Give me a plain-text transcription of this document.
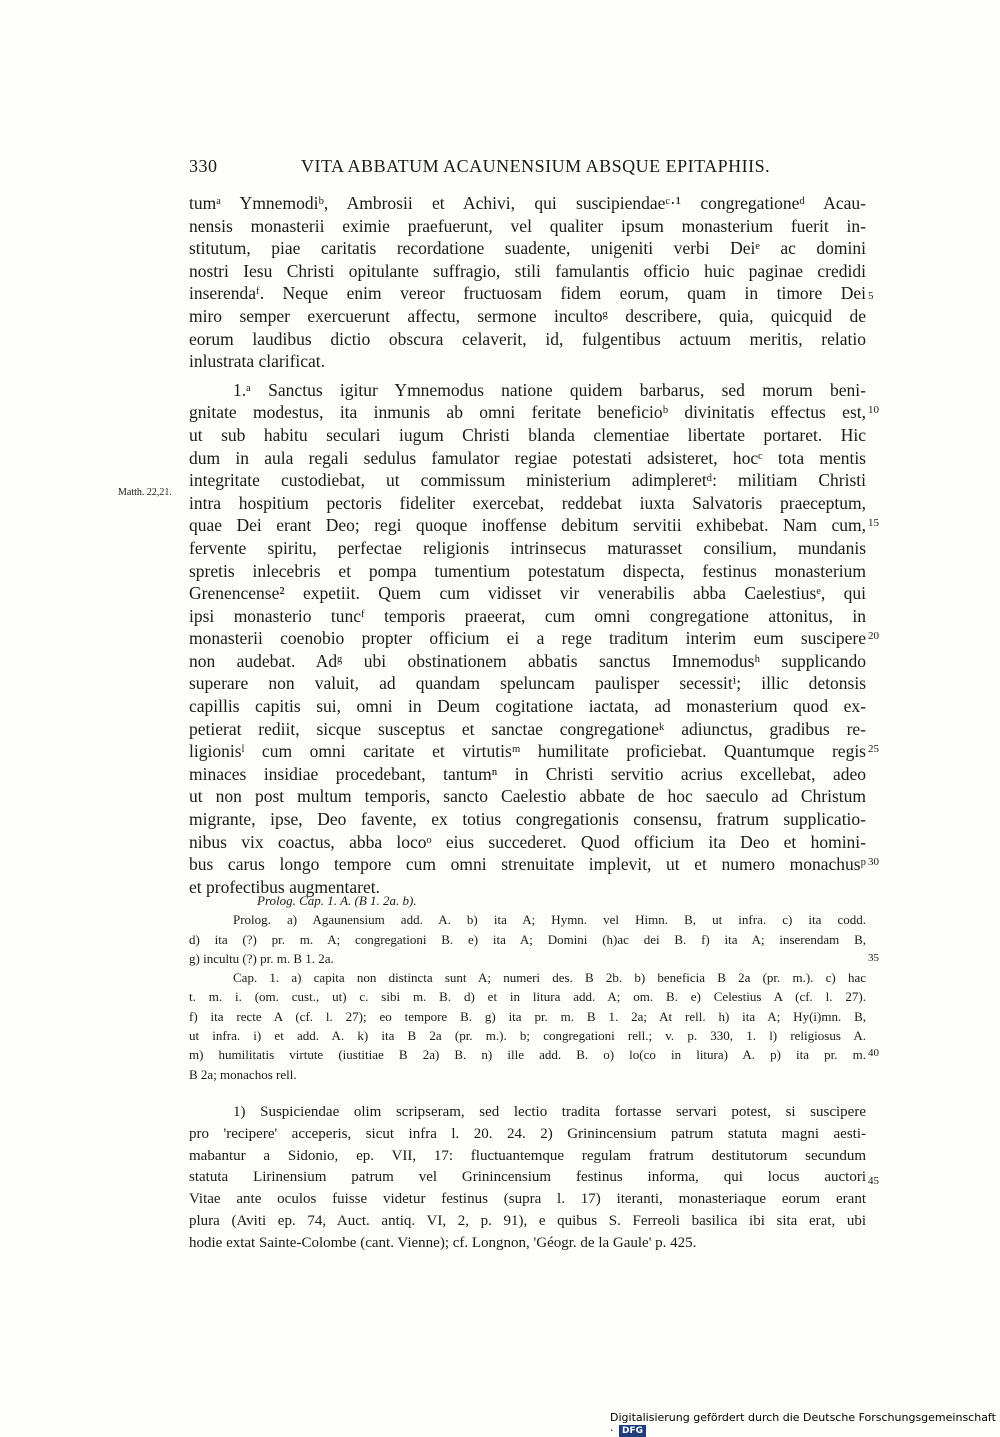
330	VITA ABBATUM ACAUNENSIUM ABSQUE EPITAPHIIS.
tumᵃ Ymnemodiᵇ, Ambrosii et Achivi, qui suscipiendaeᶜ·¹ congregationeᵈ Acau-
nensis monasterii eximie praefuerunt, vel qualiter ipsum monasterium fuerit in-
stitutum, piae caritatis recordatione suadente, unigeniti verbi Deiᵉ ac domini
nostri Iesu Christi opitulante suffragio, stili famulantis officio huic paginae credidi
inserendaᶠ. Neque enim vereor fructuosam fidem eorum, quam in timore Dei
miro semper exercuerunt affectu, sermone incultoᵍ describere, quia, quicquid de
eorum laudibus dictio obscura celaverit, id, fulgentibus actuum meritis, relatio
inlustrata clarificat.
1.ᵃ Sanctus igitur Ymnemodus natione quidem barbarus, sed morum beni-
gnitate modestus, ita inmunis ab omni feritate beneficioᵇ divinitatis effectus est,
ut sub habitu seculari iugum Christi blanda clementiae libertate portaret. Hic
dum in aula regali sedulus famulator regiae potestati adsisteret, hocᶜ tota mentis
integritate custodiebat, ut commissum ministerium adimpleretᵈ: militiam Christi
intra hospitium pectoris fideliter exercebat, reddebat iuxta Salvatoris praeceptum,
quae Dei erant Deo; regi quoque inoffense debitum servitii exhibebat. Nam cum,
fervente spiritu, perfectae religionis intrinsecus maturasset consilium, mundanis
spretis inlecebris et pompa tumentium potestatum dispecta, festinus monasterium
Grenencense² expetiit. Quem cum vidisset vir venerabilis abba Caelestiusᵉ, qui
ipsi monasterio tuncᶠ temporis praeerat, cum omni congregatione attonitus, in
monasterii coenobio propter officium ei a rege traditum interim eum suscipere
non audebat. Adᵍ ubi obstinationem abbatis sanctus Imnemodusʰ supplicando
superare non valuit, ad quandam speluncam paulisper secessitⁱ; illic detonsis
capillis capitis sui, omni in Deum cogitatione iactata, ad monasterium quod ex-
petierat rediit, sicque susceptus et sanctae congregationeᵏ adiunctus, gradibus re-
ligionisˡ cum omni caritate et virtutisᵐ humilitate proficiebat. Quantumque regis
minaces insidiae procedebant, tantumⁿ in Christi servitio acrius excellebat, adeo
ut non post multum temporis, sancto Caelestio abbate de hoc saeculo ad Christum
migrante, ipse, Deo favente, ex totius congregationis consensu, fratrum supplicatio-
nibus vix coactus, abba locoᵒ eius succederet. Quod officium ita Deo et homini-
bus carus longo tempore cum omni strenuitate implevit, ut et numero monachusᵖ
et profectibus augmentaret.
5
10
15
20
25
30
Matth. 22,21.
Prolog. Cap. 1. A. (B 1. 2a. b).
Prolog. a) Agaunensium add. A. b) ita A; Hymn. vel Himn. B, ut infra. c) ita codd.
d) ita (?) pr. m. A; congregationi B. e) ita A; Domini (h)ac dei B. f) ita A; inserendam B,
g) incultu (?) pr. m. B 1. 2a.
Cap. 1. a) capita non distincta sunt A; numeri des. B 2b. b) beneficia B 2a (pr. m.). c) hac
t. m. i. (om. cust., ut) c. sibi m. B. d) et in litura add. A; om. B. e) Celestius A (cf. l. 27).
f) ita recte A (cf. l. 27); eo tempore B. g) ita pr. m. B 1. 2a; At rell. h) ita A; Hy(i)mn. B,
ut infra. i) et add. A. k) ita B 2a (pr. m.). b; congregationi rell.; v. p. 330, 1. l) religiosus A.
m) humilitatis virtute (iustitiae B 2a) B. n) ille add. B. o) lo(co in litura) A. p) ita pr. m.
B 2a; monachos rell.
35
40
1) Suspiciendae olim scripseram, sed lectio tradita fortasse servari potest, si suscipere
pro 'recipere' acceperis, sicut infra l. 20. 24. 2) Grinincensium patrum statuta magni aesti-
mabantur a Sidonio, ep. VII, 17: fluctuantemque regulam fratrum destitutorum secundum
statuta Lirinensium patrum vel Grinincensium festinus informa, qui locus auctori
Vitae ante oculos fuisse videtur festinus (supra l. 17) iteranti, monasteriaque eorum erant
plura (Aviti ep. 74, Auct. antiq. VI, 2, p. 91), e quibus S. Ferreoli basilica ibi sita erat, ubi
hodie extat Sainte-Colombe (cant. Vienne); cf. Longnon, 'Géogr. de la Gaule' p. 425.
45
Digitalisierung gefördert durch die Deutsche Forschungsgemeinschaft · DFG
